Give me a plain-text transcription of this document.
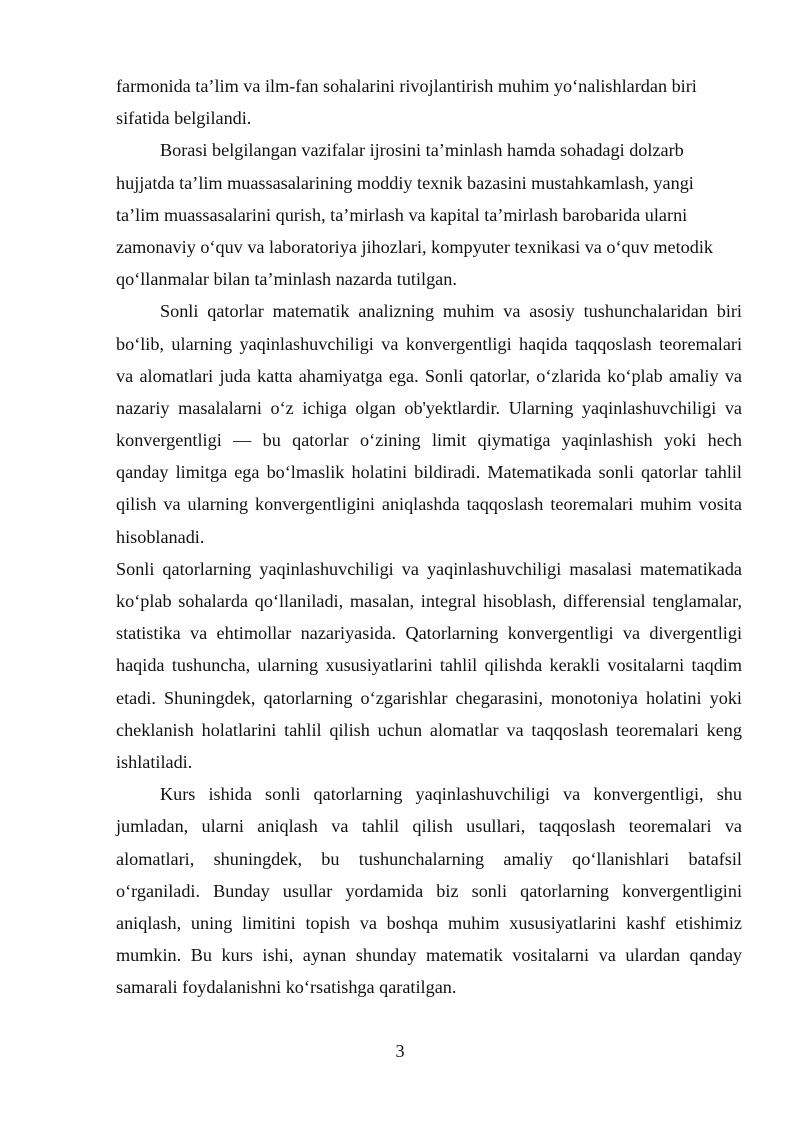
farmonida ta’lim va ilm-fan sohalarini rivojlantirish muhim yo‘nalishlardan biri
sifatida belgilandi.
Borasi belgilangan vazifalar ijrosini ta’minlash hamda sohadagi dolzarb
hujjatda ta’lim muassasalarining moddiy texnik bazasini mustahkamlash, yangi
ta’lim muassasalarini qurish, ta’mirlash va kapital ta’mirlash barobarida ularni
zamonaviy o‘quv va laboratoriya jihozlari, kompyuter texnikasi va o‘quv metodik
qo‘llanmalar bilan ta’minlash nazarda tutilgan.
Sonli qatorlar matematik analizning muhim va asosiy tushunchalaridan biri
bo‘lib, ularning yaqinlashuvchiligi va konvergentligi haqida taqqoslash teoremalari
va alomatlari juda katta ahamiyatga ega. Sonli qatorlar, o‘zlarida ko‘plab amaliy va
nazariy masalalarni o‘z ichiga olgan ob'yektlardir. Ularning yaqinlashuvchiligi va
konvergentligi — bu qatorlar o‘zining limit qiymatiga yaqinlashish yoki hech
qanday limitga ega bo‘lmaslik holatini bildiradi. Matematikada sonli qatorlar tahlil
qilish va ularning konvergentligini aniqlashda taqqoslash teoremalari muhim vosita
hisoblanadi.
Sonli qatorlarning yaqinlashuvchiligi va yaqinlashuvchiligi masalasi matematikada
ko‘plab sohalarda qo‘llaniladi, masalan, integral hisoblash, differensial tenglamalar,
statistika va ehtimollar nazariyasida. Qatorlarning konvergentligi va divergentligi
haqida tushuncha, ularning xususiyatlarini tahlil qilishda kerakli vositalarni taqdim
etadi. Shuningdek, qatorlarning o‘zgarishlar chegarasini, monotoniya holatini yoki
cheklanish holatlarini tahlil qilish uchun alomatlar va taqqoslash teoremalari keng
ishlatiladi.
Kurs ishida sonli qatorlarning yaqinlashuvchiligi va konvergentligi, shu
jumladan, ularni aniqlash va tahlil qilish usullari, taqqoslash teoremalari va
alomatlari, shuningdek, bu tushunchalarning amaliy qo‘llanishlari batafsil
o‘rganiladi. Bunday usullar yordamida biz sonli qatorlarning konvergentligini
aniqlash, uning limitini topish va boshqa muhim xususiyatlarini kashf etishimiz
mumkin. Bu kurs ishi, aynan shunday matematik vositalarni va ulardan qanday
samarali foydalanishni ko‘rsatishga qaratilgan.
3
